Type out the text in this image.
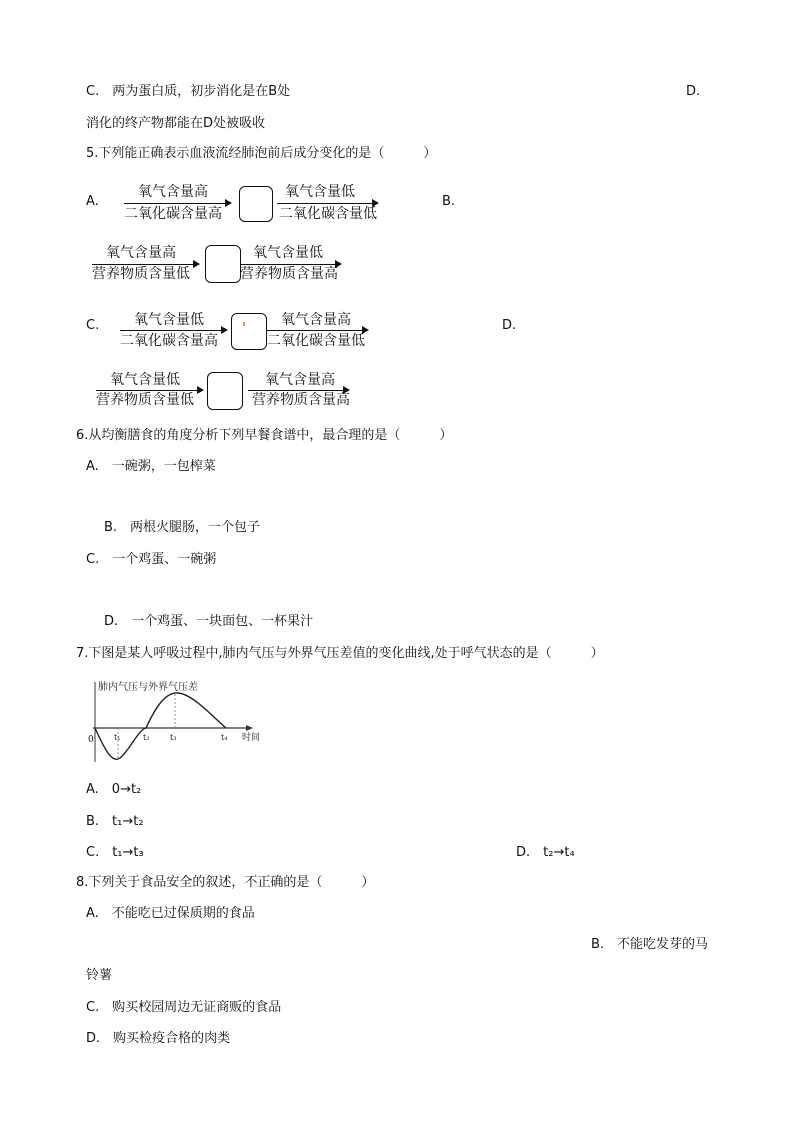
C.　两为蛋白质，初步消化是在B处	D.
消化的终产物都能在D处被吸收
5.下列能正确表示血液流经肺泡前后成分变化的是（　　　）
A.
氧气含量高
二氧化碳含量高
氧气含量低
二氧化碳含量低
B.
氧气含量高
营养物质含量低
氧气含量低
营养物质含量高
C. 氧气含量低
二氧化碳含量高
氧气含量高
二氧化碳含量低
D.
氧气含量低
营养物质含量低
氧气含量高
营养物质含量高
6.从均衡膳食的角度分析下列早餐食谱中，最合理的是（　　　）
A.　一碗粥，一包榨菜
B.　两根火腿肠，一个包子
C.　一个鸡蛋、一碗粥
D.　一个鸡蛋、一块面包、一杯果汁
7.下图是某人呼吸过程中,肺内气压与外界气压差值的变化曲线,处于呼气状态的是（　　　）
肺内气压与外界气压差
0	t₁	t₂	t₃	t₄ 时间
A.　0→t₂
B.　t₁→t₂
C.　t₁→t₃	D.　t₂→t₄
8.下列关于食品安全的叙述，不正确的是（　　　）
A.　不能吃已过保质期的食品
B.　不能吃发芽的马
铃薯
C.　购买校园周边无证商贩的食品
D.　购买检疫合格的肉类
